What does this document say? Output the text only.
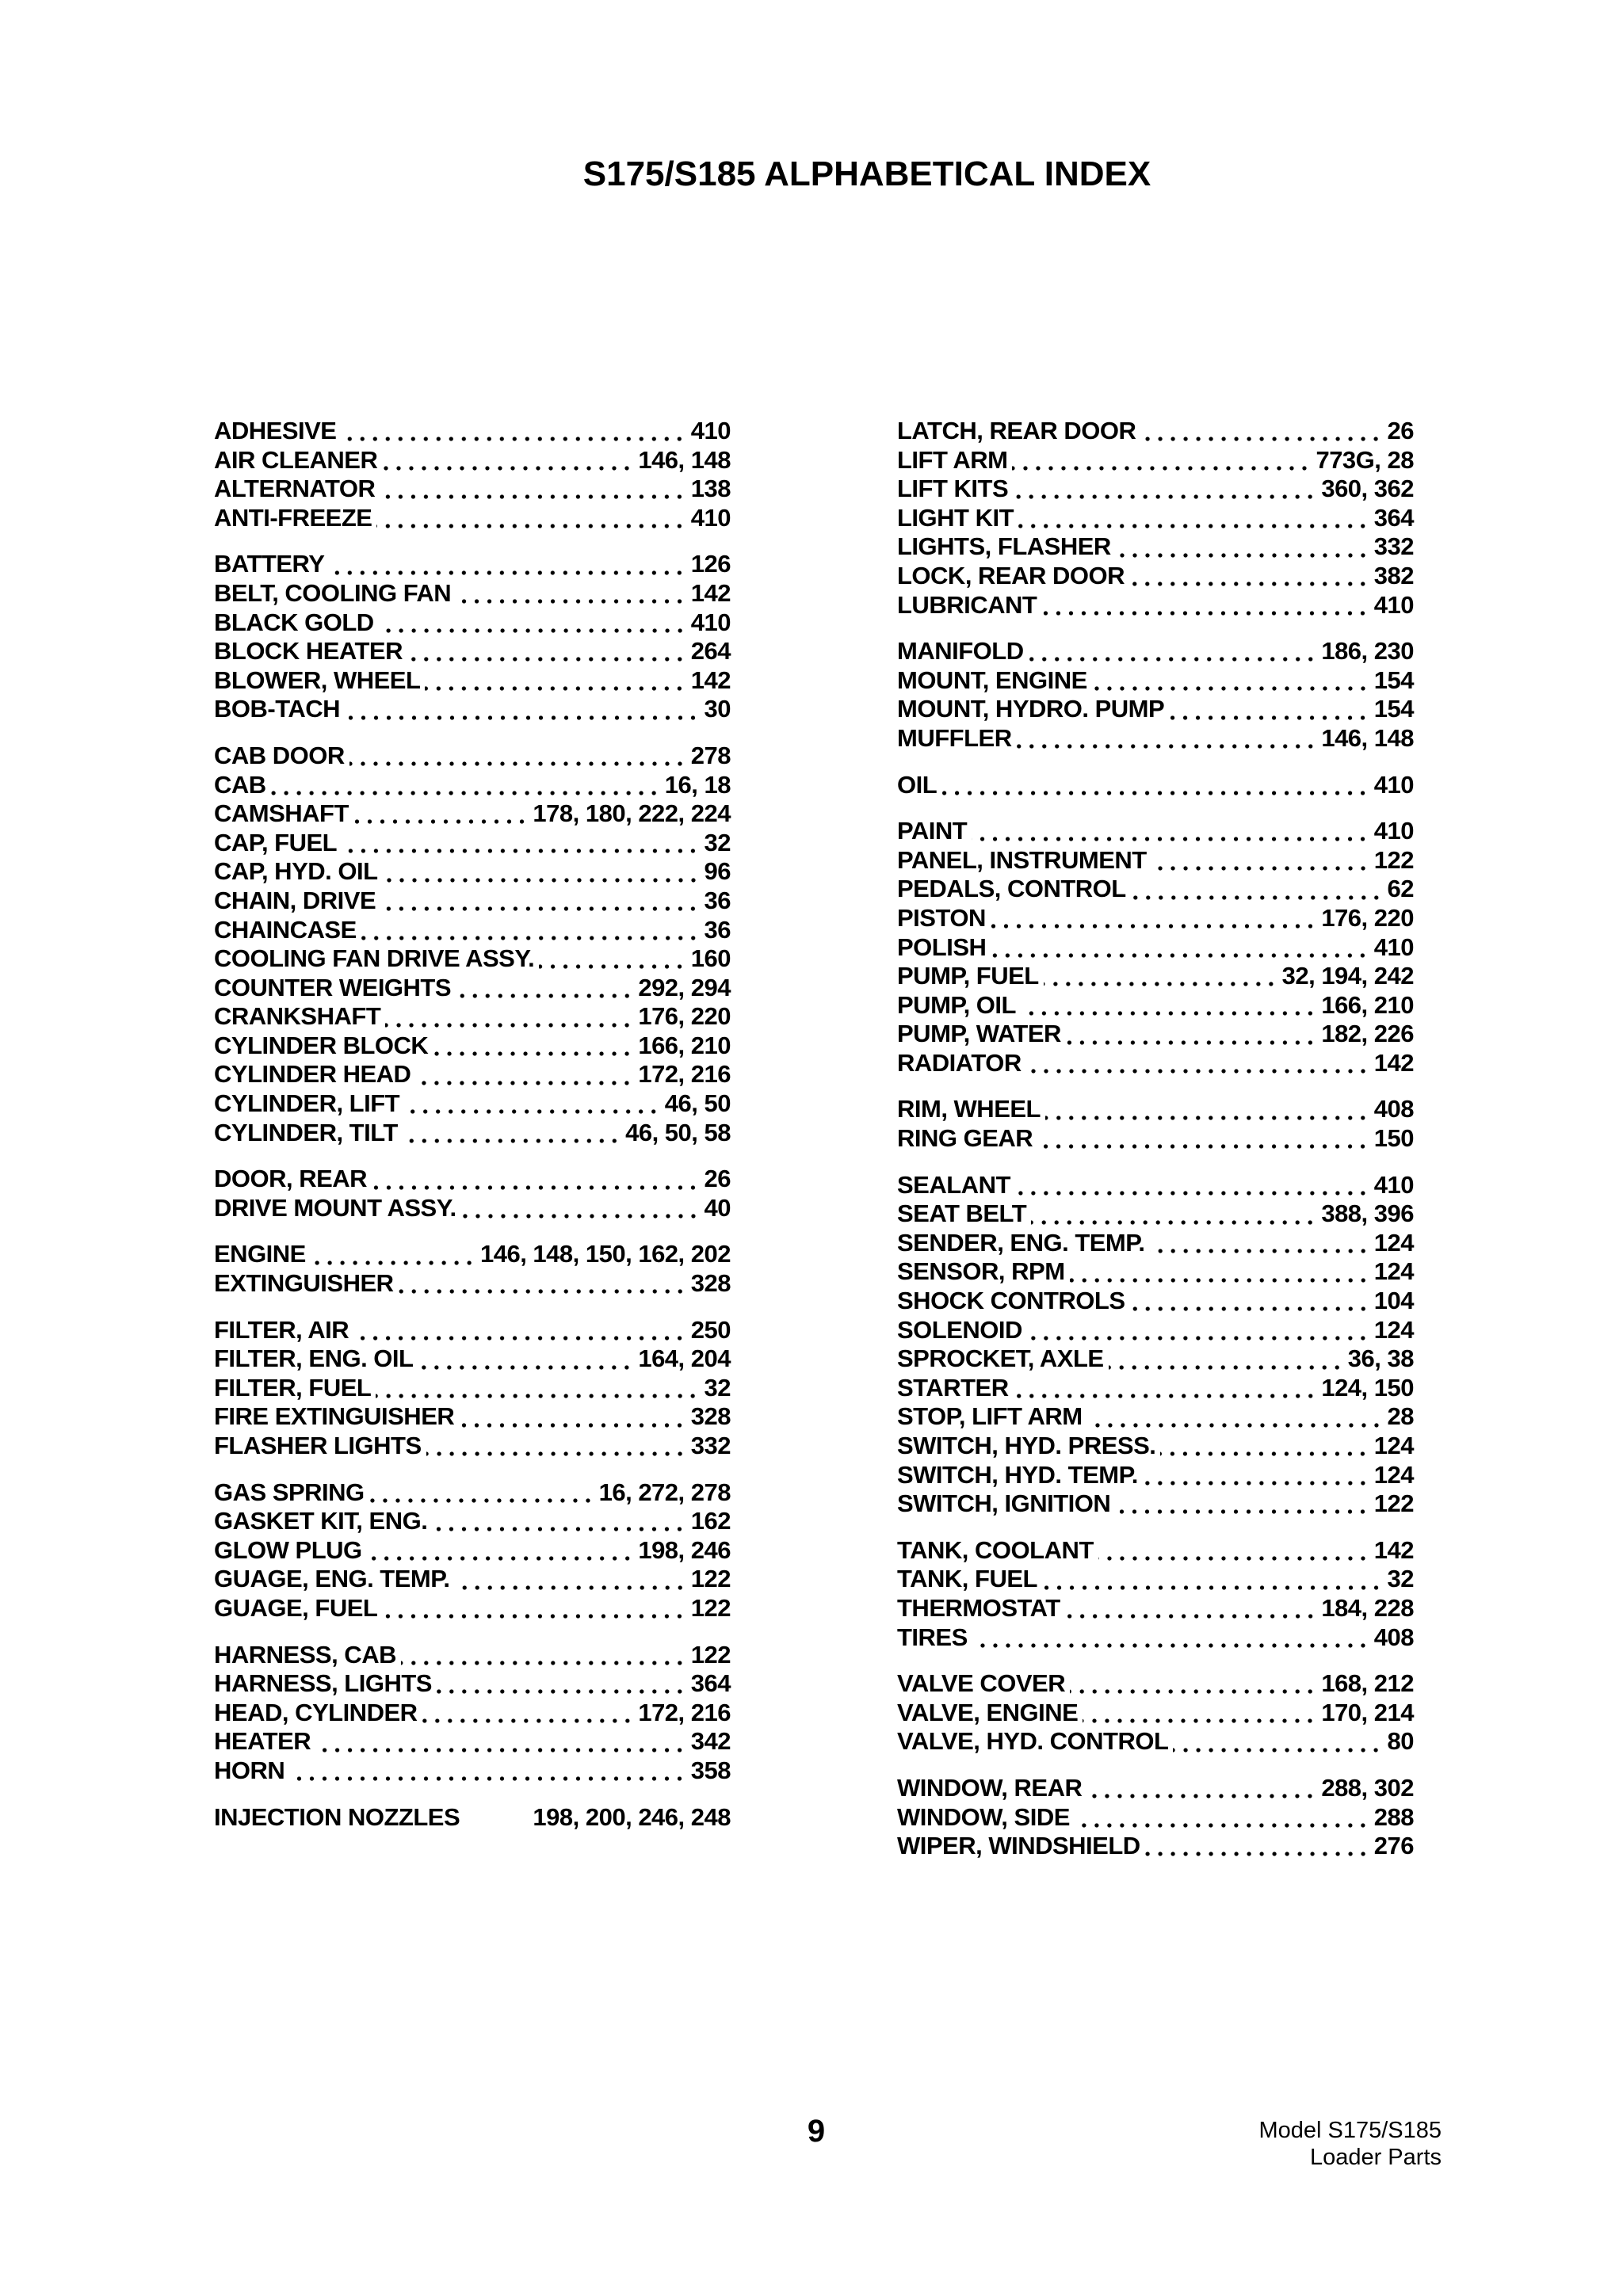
S175/S185 ALPHABETICAL INDEX
ADHESIVE	410
AIR CLEANER	146, 148
ALTERNATOR	138
ANTI-FREEZE	410
BATTERY	126
BELT, COOLING FAN	142
BLACK GOLD	410
BLOCK HEATER	264
BLOWER, WHEEL	142
BOB-TACH	30
CAB DOOR	278
CAB	16, 18
CAMSHAFT	178, 180, 222, 224
CAP, FUEL	32
CAP, HYD. OIL	96
CHAIN, DRIVE	36
CHAINCASE	36
COOLING FAN DRIVE ASSY.	160
COUNTER WEIGHTS	292, 294
CRANKSHAFT	176, 220
CYLINDER BLOCK	166, 210
CYLINDER HEAD	172, 216
CYLINDER, LIFT	46, 50
CYLINDER, TILT	46, 50, 58
DOOR, REAR	26
DRIVE MOUNT ASSY.	40
ENGINE	146, 148, 150, 162, 202
EXTINGUISHER	328
FILTER, AIR	250
FILTER, ENG. OIL	164, 204
FILTER, FUEL	32
FIRE EXTINGUISHER	328
FLASHER LIGHTS	332
GAS SPRING	16, 272, 278
GASKET KIT, ENG.	162
GLOW PLUG	198, 246
GUAGE, ENG. TEMP.	122
GUAGE, FUEL	122
HARNESS, CAB	122
HARNESS, LIGHTS	364
HEAD, CYLINDER	172, 216
HEATER	342
HORN	358
INJECTION NOZZLES	198, 200, 246, 248
LATCH, REAR DOOR	26
LIFT ARM	773G, 28
LIFT KITS	360, 362
LIGHT KIT	364
LIGHTS, FLASHER	332
LOCK, REAR DOOR	382
LUBRICANT	410
MANIFOLD	186, 230
MOUNT, ENGINE	154
MOUNT, HYDRO. PUMP	154
MUFFLER	146, 148
OIL	410
PAINT	410
PANEL, INSTRUMENT	122
PEDALS, CONTROL	62
PISTON	176, 220
POLISH	410
PUMP, FUEL	32, 194, 242
PUMP, OIL	166, 210
PUMP, WATER	182, 226
RADIATOR	142
RIM, WHEEL	408
RING GEAR	150
SEALANT	410
SEAT BELT	388, 396
SENDER, ENG. TEMP.	124
SENSOR, RPM	124
SHOCK CONTROLS	104
SOLENOID	124
SPROCKET, AXLE	36, 38
STARTER	124, 150
STOP, LIFT ARM	28
SWITCH, HYD. PRESS.	124
SWITCH, HYD. TEMP.	124
SWITCH, IGNITION	122
TANK, COOLANT	142
TANK, FUEL	32
THERMOSTAT	184, 228
TIRES	408
VALVE COVER	168, 212
VALVE, ENGINE	170, 214
VALVE, HYD. CONTROL	80
WINDOW, REAR	288, 302
WINDOW, SIDE	288
WIPER, WINDSHIELD	276
9	Model S175/S185
Loader Parts
